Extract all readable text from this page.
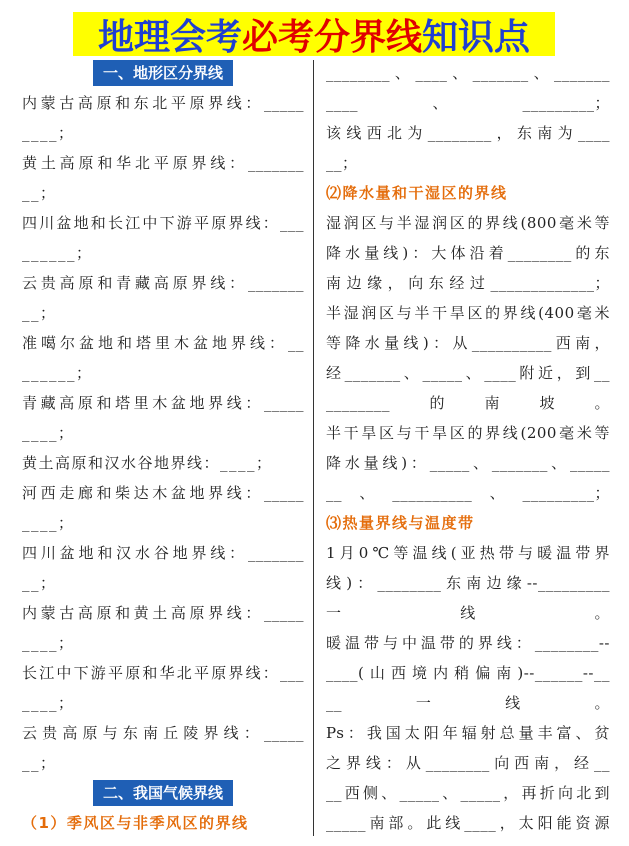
地理会考 必考 分界线 知识点
一、地形区分界线
内蒙古高原和东北平原界线：_____
____；
黄土高原和华北平原界线：_______
__；
四川盆地和长江中下游平原界线：___
______；
云贵高原和青藏高原界线：_______
__；
准噶尔盆地和塔里木盆地界线：__
______；
青藏高原和塔里木盆地界线：_____
____；
黄土高原和汉水谷地界线：____；
河西走廊和柴达木盆地界线：_____
____；
四川盆地和汉水谷地界线：_______
__；
内蒙古高原和黄土高原界线：_____
____；
长江中下游平原和华北平原界线：___
____；
云贵高原与东南丘陵界线：_____
__；
二、我国气候界线
（1）季风区与非季风区的界线
________、____、_______、_______
____、_________；
该线西北为________，东南为____
__；
⑵降水量和干湿区的界线
湿润区与半湿润区的界线(800毫米等
降水量线)：大体沿着________的东
南边缘，向东经过_____________；
半湿润区与半干旱区的界线(400毫米
等降水量线)：从__________西南，
经_______、_____、____附近，到__
________的南坡。
半干旱区与干旱区的界线(200毫米等
降水量线)：_____、_______、_____
__、__________、_________；
⑶热量界线与温度带
1月0℃等温线(亚热带与暖温带界
线)：________东南边缘--_________
一线。
暖温带与中温带的界线：________--
____(山西境内稍偏南)--______--__
__一线。
Ps：我国太阳年辐射总量丰富、贫
之界线：从________向西南，经__
__西侧、_____、_____，再折向北到
_____南部。此线____，太阳能资源
